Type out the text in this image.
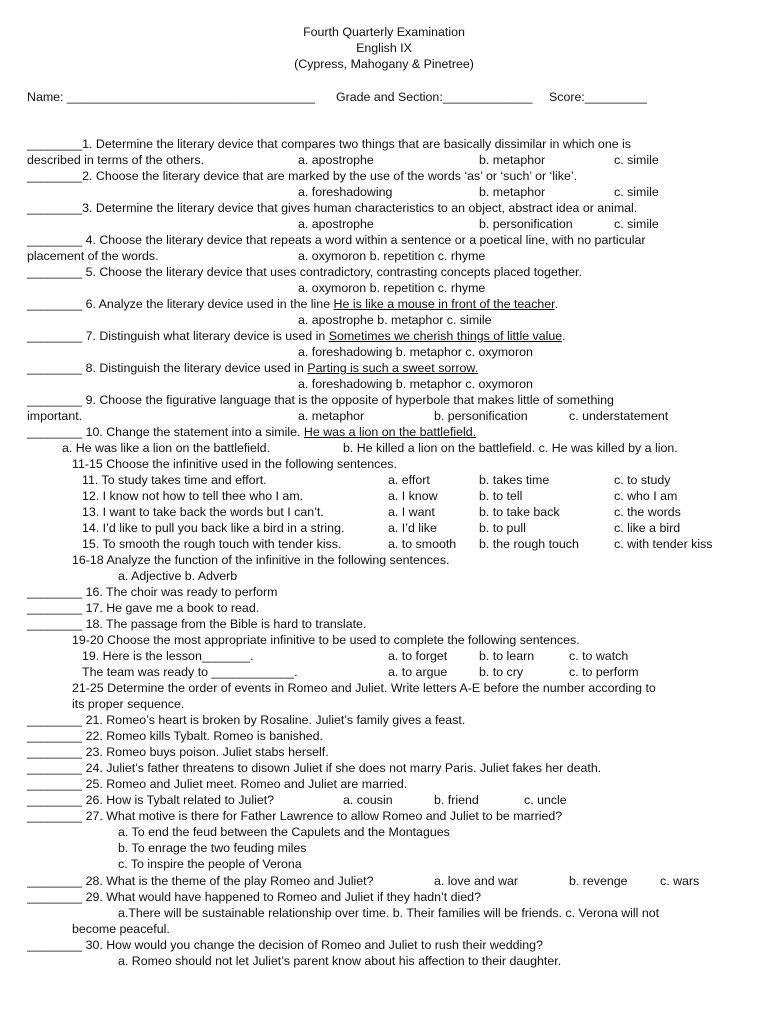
Fourth Quarterly Examination
English IX
(Cypress, Mahogany & Pinetree)
Name: ____________________________________ Grade and Section:_____________ Score:_________
________1. Determine the literary device that compares two things that are basically dissimilar in which one is
described in terms of the others.	a. apostrophe	b. metaphor	c. simile
________2. Choose the literary device that are marked by the use of the words ‘as’ or ‘such’ or ‘like’.
a. foreshadowing	b. metaphor	c. simile
________3. Determine the literary device that gives human characteristics to an object, abstract idea or animal.
a. apostrophe	b. personification	c. simile
________ 4. Choose the literary device that repeats a word within a sentence or a poetical line, with no particular
placement of the words.	a. oxymoron b. repetition c. rhyme
________ 5. Choose the literary device that uses contradictory, contrasting concepts placed together.
a. oxymoron b. repetition c. rhyme
________ 6. Analyze the literary device used in the line He is like a mouse in front of the teacher.
a. apostrophe b. metaphor c. simile
________ 7. Distinguish what literary device is used in Sometimes we cherish things of little value.
a. foreshadowing b. metaphor c. oxymoron
________ 8. Distinguish the literary device used in Parting is such a sweet sorrow.
a. foreshadowing b. metaphor c. oxymoron
________ 9. Choose the figurative language that is the opposite of hyperbole that makes little of something
important.	a. metaphor	b. personification	c. understatement
________ 10. Change the statement into a simile. He was a lion on the battlefield.
a. He was like a lion on the battlefield.	b. He killed a lion on the battlefield. c. He was killed by a lion.
11-15 Choose the infinitive used in the following sentences.
11. To study takes time and effort.	a. effort	b. takes time	c. to study
12. I know not how to tell thee who I am.	a. I know	b. to tell	c. who I am
13. I want to take back the words but I can’t.	a. I want	b. to take back	c. the words
14. I’d like to pull you back like a bird in a string.	a. I’d like	b. to pull	c. like a bird
15. To smooth the rough touch with tender kiss.	a. to smooth b. the rough touch	c. with tender kiss
16-18 Analyze the function of the infinitive in the following sentences.
a. Adjective b. Adverb
________ 16. The choir was ready to perform
________ 17. He gave me a book to read.
________ 18. The passage from the Bible is hard to translate.
19-20 Choose the most appropriate infinitive to be used to complete the following sentences.
19. Here is the lesson_______.	a. to forget	b. to learn	c. to watch
The team was ready to ____________.	a. to argue	b. to cry	c. to perform
21-25 Determine the order of events in Romeo and Juliet. Write letters A-E before the number according to
its proper sequence.
________ 21. Romeo’s heart is broken by Rosaline. Juliet’s family gives a feast.
________ 22. Romeo kills Tybalt. Romeo is banished.
________ 23. Romeo buys poison. Juliet stabs herself.
________ 24. Juliet’s father threatens to disown Juliet if she does not marry Paris. Juliet fakes her death.
________ 25. Romeo and Juliet meet. Romeo and Juliet are married.
________ 26. How is Tybalt related to Juliet?	a. cousin	b. friend	c. uncle
________ 27. What motive is there for Father Lawrence to allow Romeo and Juliet to be married?
a. To end the feud between the Capulets and the Montagues
b. To enrage the two feuding miles
c. To inspire the people of Verona
________ 28. What is the theme of the play Romeo and Juliet?	a. love and war	b. revenge	c. wars
________ 29. What would have happened to Romeo and Juliet if they hadn’t died?
a.There will be sustainable relationship over time. b. Their families will be friends. c. Verona will not
become peaceful.
________ 30. How would you change the decision of Romeo and Juliet to rush their wedding?
a. Romeo should not let Juliet’s parent know about his affection to their daughter.
